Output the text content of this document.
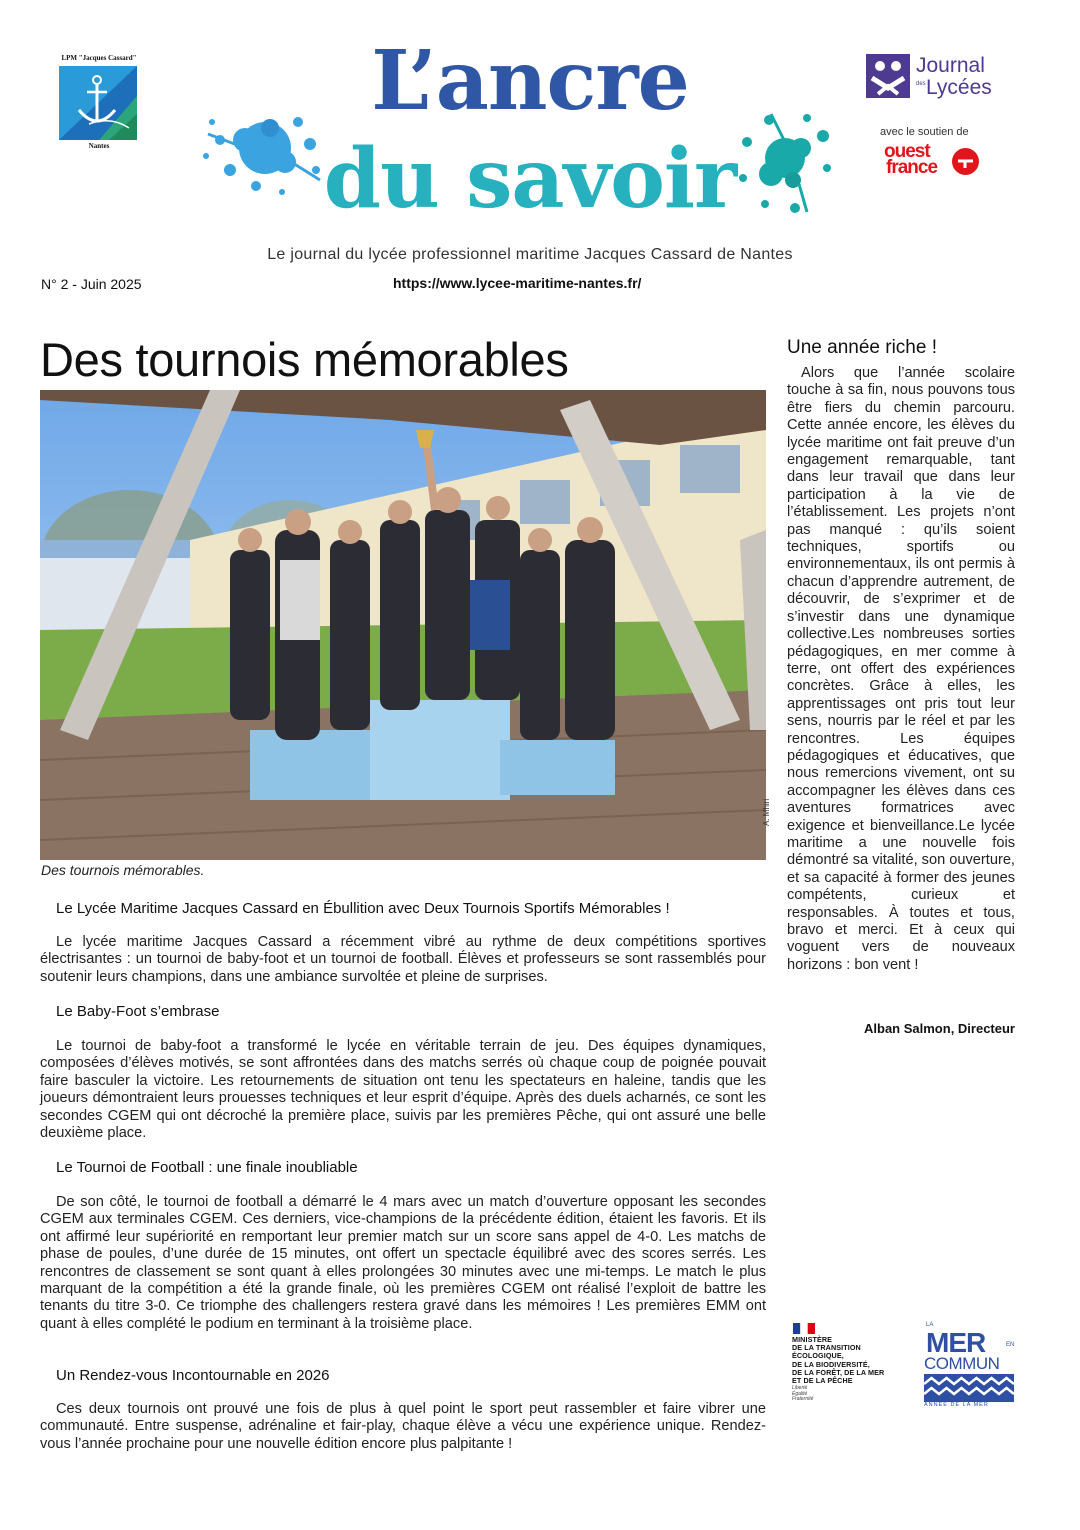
LPM "Jacques Cassard"
Nantes
L’ancre
du savoir
Journal
des Lycées
avec le soutien de
ouest
france
Le journal du lycée professionnel maritime Jacques Cassard de Nantes
N° 2 - Juin 2025	https://www.lycee-maritime-nantes.fr/
Des tournois mémorables
A. Mhiri
Des tournois mémorables.
Le Lycée Maritime Jacques Cassard en Ébullition avec Deux Tournois Sportifs Mémorables !

Le lycée maritime Jacques Cassard a récemment vibré au rythme de deux compétitions sportives électrisantes : un tournoi de baby-foot et un tournoi de football. Élèves et professeurs se sont rassemblés pour soutenir leurs champions, dans une ambiance survoltée et pleine de surprises.

Le Baby-Foot s’embrase

Le tournoi de baby-foot a transformé le lycée en véritable terrain de jeu. Des équipes dynamiques, composées d’élèves motivés, se sont affrontées dans des matchs serrés où chaque coup de poignée pouvait faire basculer la victoire. Les retournements de situation ont tenu les spectateurs en haleine, tandis que les joueurs démontraient leurs prouesses techniques et leur esprit d’équipe. Après des duels acharnés, ce sont les secondes CGEM qui ont décroché la première place, suivis par les premières Pêche, qui ont assuré une belle deuxième place.

Le Tournoi de Football : une finale inoubliable

De son côté, le tournoi de football a démarré le 4 mars avec un match d’ouverture opposant les secondes CGEM aux terminales CGEM. Ces derniers, vice-champions de la précédente édition, étaient les favoris. Et ils ont affirmé leur supériorité en remportant leur premier match sur un score sans appel de 4-0. Les matchs de phase de poules, d’une durée de 15 minutes, ont offert un spectacle équilibré avec des scores serrés. Les rencontres de classement se sont quant à elles prolongées 30 minutes avec une mi-temps. Le match le plus marquant de la compétition a été la grande finale, où les premières CGEM ont réalisé l’exploit de battre les tenants du titre 3-0. Ce triomphe des challengers restera gravé dans les mémoires ! Les premières EMM ont quant à elles complété le podium en terminant à la troisième place.

Un Rendez-vous Incontournable en 2026

Ces deux tournois ont prouvé une fois de plus à quel point le sport peut rassembler et faire vibrer une communauté. Entre suspense, adrénaline et fair-play, chaque élève a vécu une expérience unique. Rendez-vous l’année prochaine pour une nouvelle édition encore plus palpitante !

Une année riche !

Alors que l’année scolaire touche à sa fin, nous pouvons tous être fiers du chemin parcouru. Cette année encore, les élèves du lycée maritime ont fait preuve d’un engagement remarquable, tant dans leur travail que dans leur participation à la vie de l’établissement. Les projets n’ont pas manqué : qu’ils soient techniques, sportifs ou environnementaux, ils ont permis à chacun d’apprendre autrement, de découvrir, de s’exprimer et de s’investir dans une dynamique collective.Les nombreuses sorties pédagogiques, en mer comme à terre, ont offert des expériences concrètes. Grâce à elles, les apprentissages ont pris tout leur sens, nourris par le réel et par les rencontres. Les équipes pédagogiques et éducatives, que nous remercions vivement, ont su accompagner les élèves dans ces aventures formatrices avec exigence et bienveillance.Le lycée maritime a une nouvelle fois démontré sa vitalité, son ouverture, et sa capacité à former des jeunes compétents, curieux et responsables. À toutes et tous, bravo et merci. Et à ceux qui voguent vers de nouveaux horizons : bon vent !

Alban Salmon, Directeur
MINISTÈRE
DE LA TRANSITION
ÉCOLOGIQUE,
DE LA BIODIVERSITÉ,
DE LA FORÊT, DE LA MER
ET DE LA PÊCHE
Liberté
Égalité
Fraternité
LA
MER	EN
COMMUN
ANNÉE DE LA MER
